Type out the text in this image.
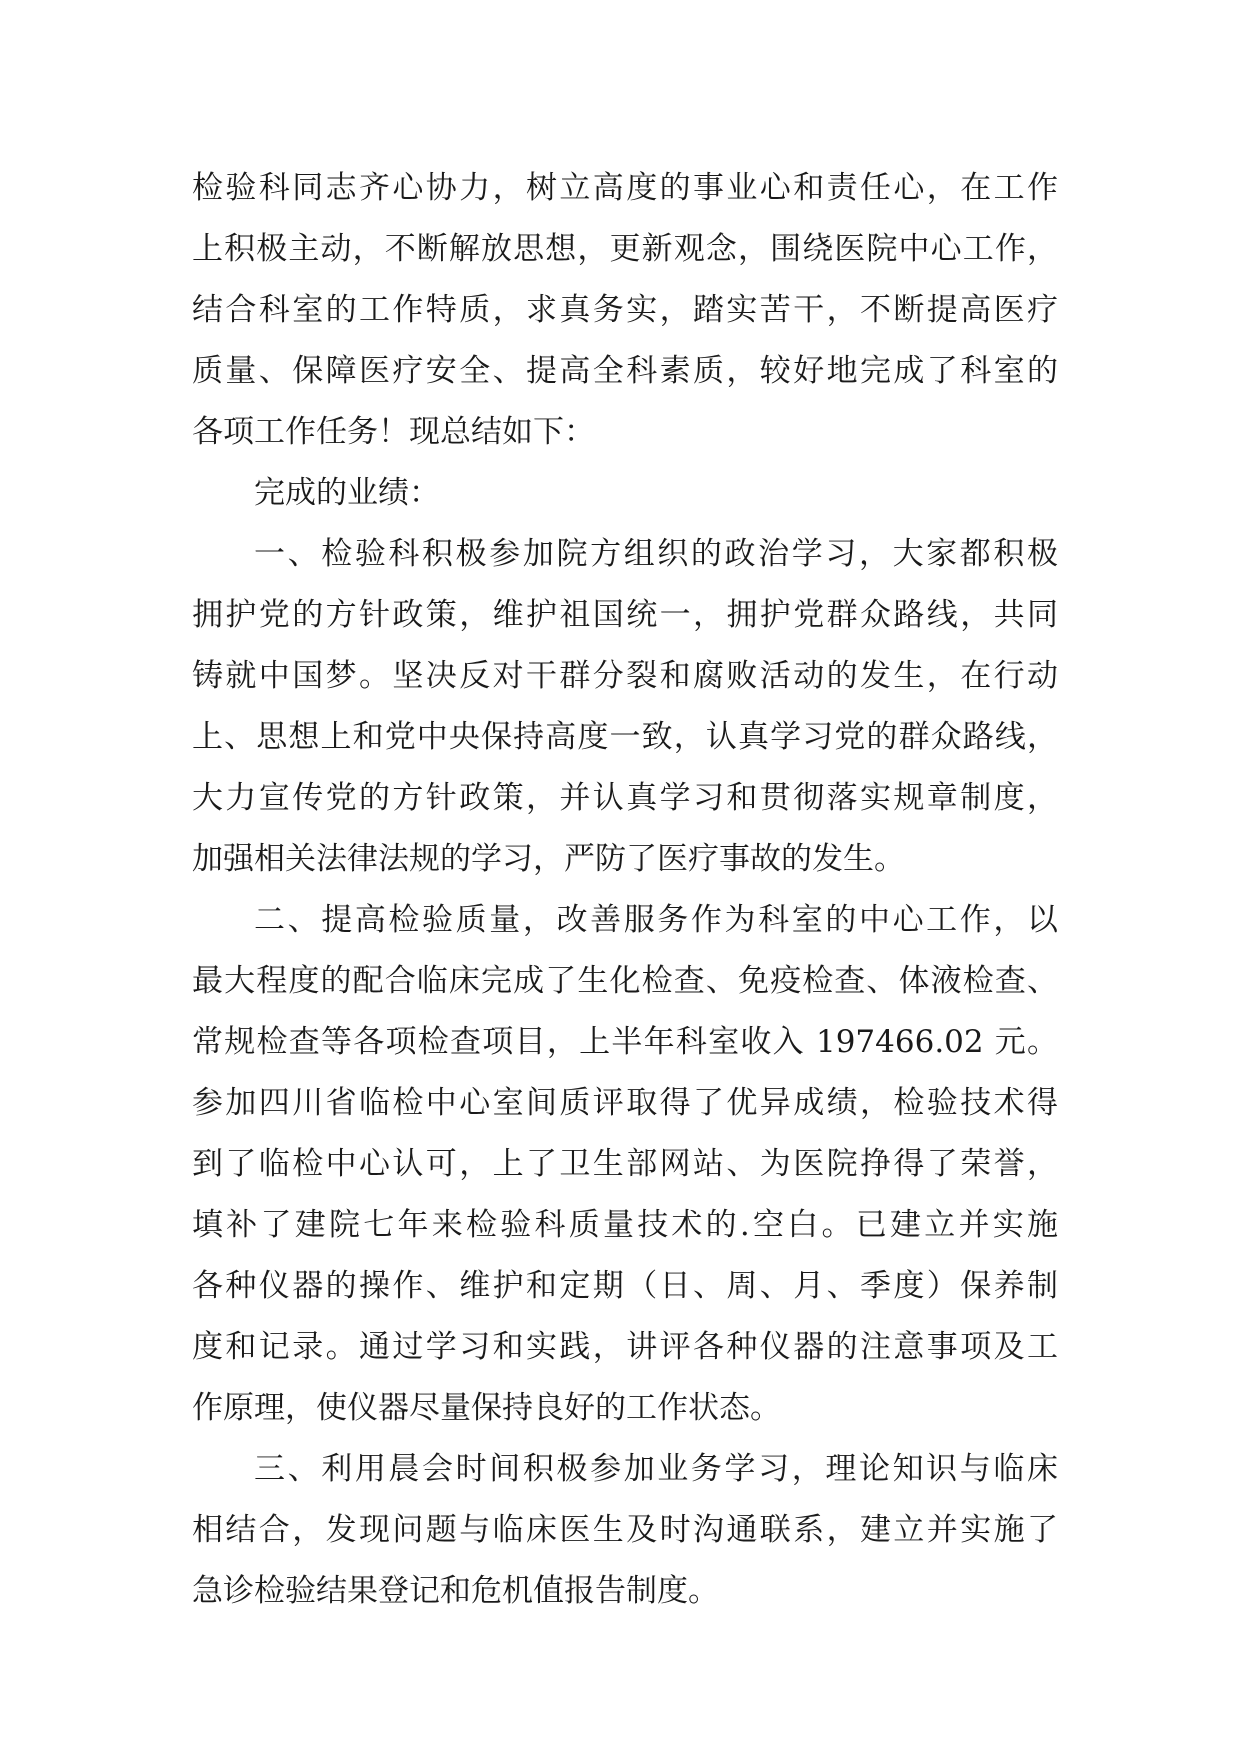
检验科同志齐心协力，树立高度的事业心和责任心，在工作
上积极主动，不断解放思想，更新观念，围绕医院中心工作，
结合科室的工作特质，求真务实，踏实苦干，不断提高医疗
质量、保障医疗安全、提高全科素质，较好地完成了科室的
各项工作任务！现总结如下：
完成的业绩：
一、检验科积极参加院方组织的政治学习，大家都积极
拥护党的方针政策，维护祖国统一，拥护党群众路线，共同
铸就中国梦。坚决反对干群分裂和腐败活动的发生，在行动
上、思想上和党中央保持高度一致，认真学习党的群众路线，
大力宣传党的方针政策，并认真学习和贯彻落实规章制度，
加强相关法律法规的学习，严防了医疗事故的发生。
二、提高检验质量，改善服务作为科室的中心工作，以
最大程度的配合临床完成了生化检查、免疫检查、体液检查、
常规检查等各项检查项目，上半年科室收入 197466.02 元。
参加四川省临检中心室间质评取得了优异成绩，检验技术得
到了临检中心认可，上了卫生部网站、为医院挣得了荣誉，
填补了建院七年来检验科质量技术的.空白。已建立并实施
各种仪器的操作、维护和定期（日、周、月、季度）保养制
度和记录。通过学习和实践，讲评各种仪器的注意事项及工
作原理，使仪器尽量保持良好的工作状态。
三、利用晨会时间积极参加业务学习，理论知识与临床
相结合，发现问题与临床医生及时沟通联系，建立并实施了
急诊检验结果登记和危机值报告制度。
